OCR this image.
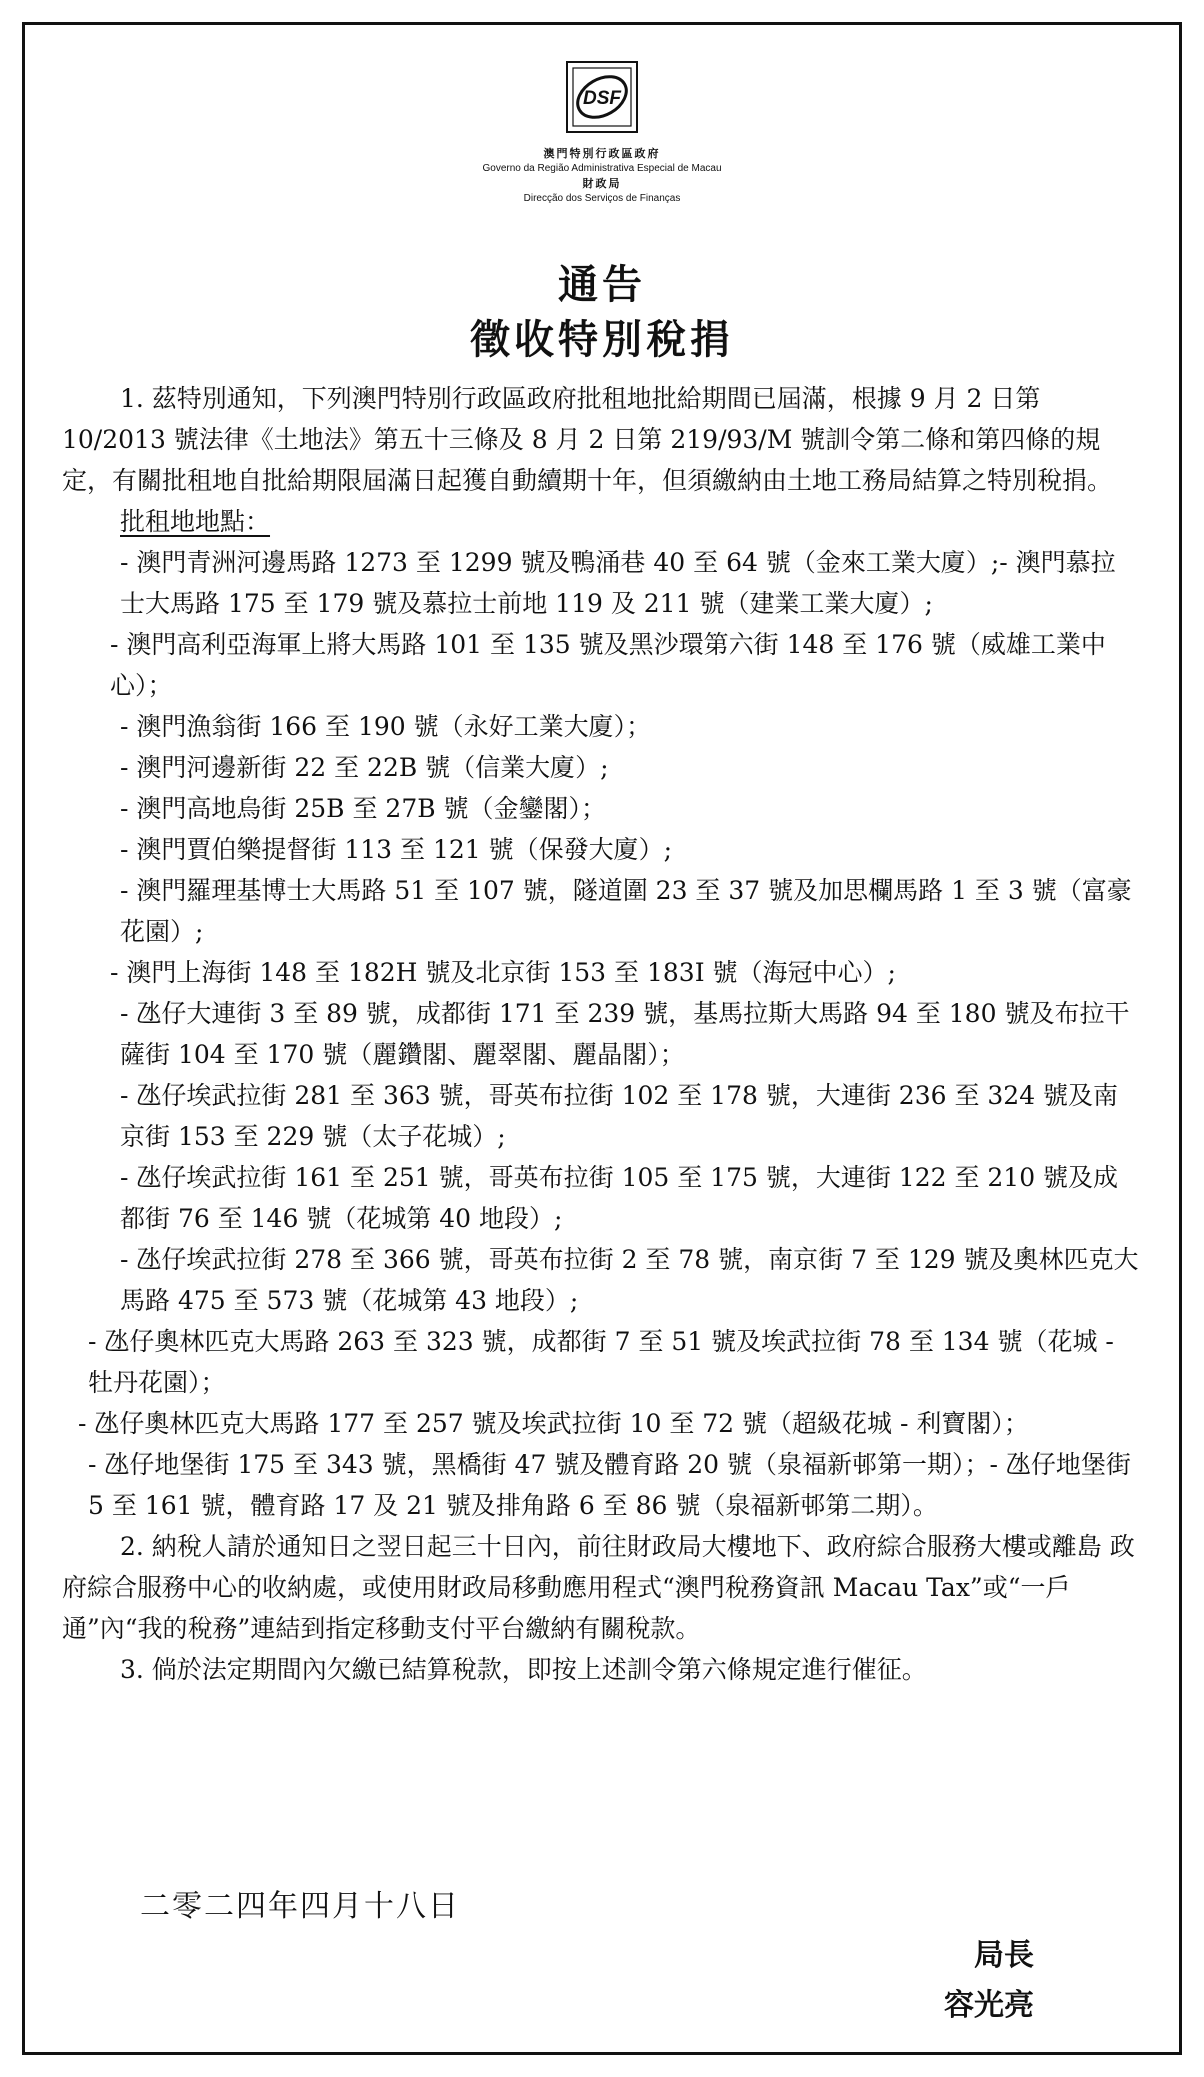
DSF
澳門特別行政區政府
Governo da Região Administrativa Especial de Macau
財政局
Direcção dos Serviços de Finanças
通告
徵收特別稅捐

1. 茲特別通知，下列澳門特別行政區政府批租地批給期間已屆滿，根據 9 月 2 日第 10/2013 號法律《土地法》第五十三條及 8 月 2 日第 219/93/M 號訓令第二條和第四條的規定，有關批租地自批給期限屆滿日起獲自動續期十年，但須繳納由土地工務局結算之特別稅捐。

批租地地點：

- 澳門青洲河邊馬路 1273 至 1299 號及鴨涌巷 40 至 64 號（金來工業大廈）;- 澳門慕拉士大馬路 175 至 179 號及慕拉士前地 119 及 211 號（建業工業大廈）;

- 澳門高利亞海軍上將大馬路 101 至 135 號及黑沙環第六街 148 至 176 號（威雄工業中心）；

- 澳門漁翁街 166 至 190 號（永好工業大廈）；

- 澳門河邊新街 22 至 22B 號（信業大廈）;

- 澳門高地烏街 25B 至 27B 號（金鑾閣）；

- 澳門賈伯樂提督街 113 至 121 號（保發大廈）;

- 澳門羅理基博士大馬路 51 至 107 號，隧道圍 23 至 37 號及加思欄馬路 1 至 3 號（富豪花園）;

- 澳門上海街 148 至 182H 號及北京街 153 至 183I 號（海冠中心）;

- 氹仔大連街 3 至 89 號，成都街 171 至 239 號，基馬拉斯大馬路 94 至 180 號及布拉干薩街 104 至 170 號（麗鑽閣、麗翠閣、麗晶閣）；

- 氹仔埃武拉街 281 至 363 號，哥英布拉街 102 至 178 號，大連街 236 至 324 號及南京街 153 至 229 號（太子花城）;

- 氹仔埃武拉街 161 至 251 號，哥英布拉街 105 至 175 號，大連街 122 至 210 號及成都街 76 至 146 號（花城第 40 地段）;

- 氹仔埃武拉街 278 至 366 號，哥英布拉街 2 至 78 號，南京街 7 至 129 號及奧林匹克大馬路 475 至 573 號（花城第 43 地段）;

- 氹仔奧林匹克大馬路 263 至 323 號，成都街 7 至 51 號及埃武拉街 78 至 134 號（花城 - 牡丹花園）；

- 氹仔奧林匹克大馬路 177 至 257 號及埃武拉街 10 至 72 號（超級花城 - 利寶閣）；

- 氹仔地堡街 175 至 343 號，黑橋街 47 號及體育路 20 號（泉福新邨第一期）；- 氹仔地堡街 5 至 161 號，體育路 17 及 21 號及排角路 6 至 86 號（泉福新邨第二期）。

2. 納稅人請於通知日之翌日起三十日內，前往財政局大樓地下、政府綜合服務大樓或離島 政府綜合服務中心的收納處，或使用財政局移動應用程式“澳門稅務資訊 Macau Tax”或“一戶通”內“我的稅務”連結到指定移動支付平台繳納有關稅款。

3. 倘於法定期間內欠繳已結算稅款，即按上述訓令第六條規定進行催征。

二零二四年四月十八日
局長
容光亮
